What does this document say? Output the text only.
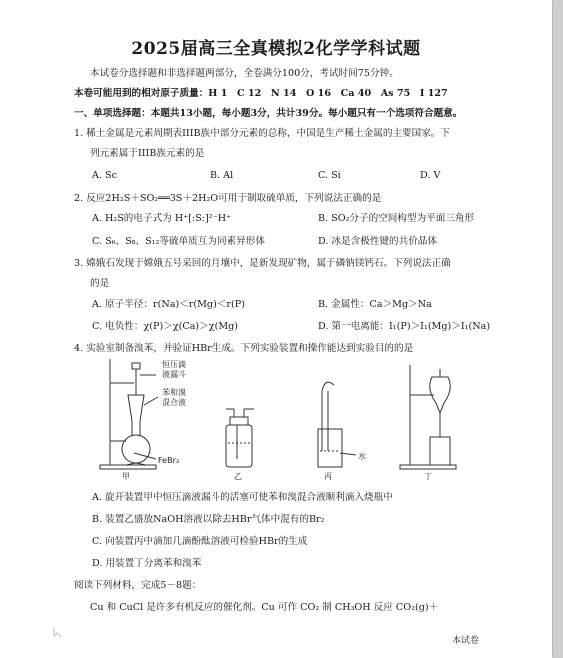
2025届高三全真模拟2化学学科试题
本试卷分选择题和非选择题两部分，全卷满分100分，考试时间75分钟。
本卷可能用到的相对原子质量：H 1　C 12　N 14　O 16　Ca 40　As 75　I 127
一、单项选择题：本题共13小题，每小题3分，共计39分。每小题只有一个选项符合题意。
1. 稀土金属是元素周期表IIIB族中部分元素的总称，中国是生产稀土金属的主要国家。下
列元素属于IIIB族元素的是
A. Sc	B. Al	C. Si	D. V
2. 反应2H₂S＋SO₂══3S＋2H₂O可用于制取硫单质，下列说法正确的是
A. H₂S的电子式为 H⁺[:S:]²⁻H⁺	B. SO₂分子的空间构型为平面三角形
C. S₆、S₈、S₁₂等硫单质互为同素异形体	D. 冰是含极性键的共价晶体
3. 嫦娥石发现于嫦娥五号采回的月壤中，是新发现矿物，属于磷钠镁钙石。下列说法正确
的是
A. 原子半径：r(Na)＜r(Mg)＜r(P)	B. 金属性：Ca＞Mg＞Na
C. 电负性：χ(P)＞χ(Ca)＞χ(Mg)	D. 第一电离能：I₁(P)＞I₁(Mg)＞I₁(Na)
4. 实验室制备溴苯，并验证HBr生成。下列实验装置和操作能达到实验目的的是
恒压滴
液漏斗
苯和溴
混合液
FeBr₃	水
甲	乙	丙	丁
A. 旋开装置甲中恒压滴液漏斗的活塞可使苯和溴混合液顺利滴入烧瓶中
B. 装置乙盛放NaOH溶液以除去HBr气体中混有的Br₂
C. 向装置丙中滴加几滴酚酞溶液可检验HBr的生成
D. 用装置丁分离苯和溴苯
阅读下列材料，完成5－8题：
Cu 和 CuCl 是许多有机反应的催化剂。Cu 可作 CO₂ 制 CH₃OH 反应 CO₂(g)＋
本试卷
